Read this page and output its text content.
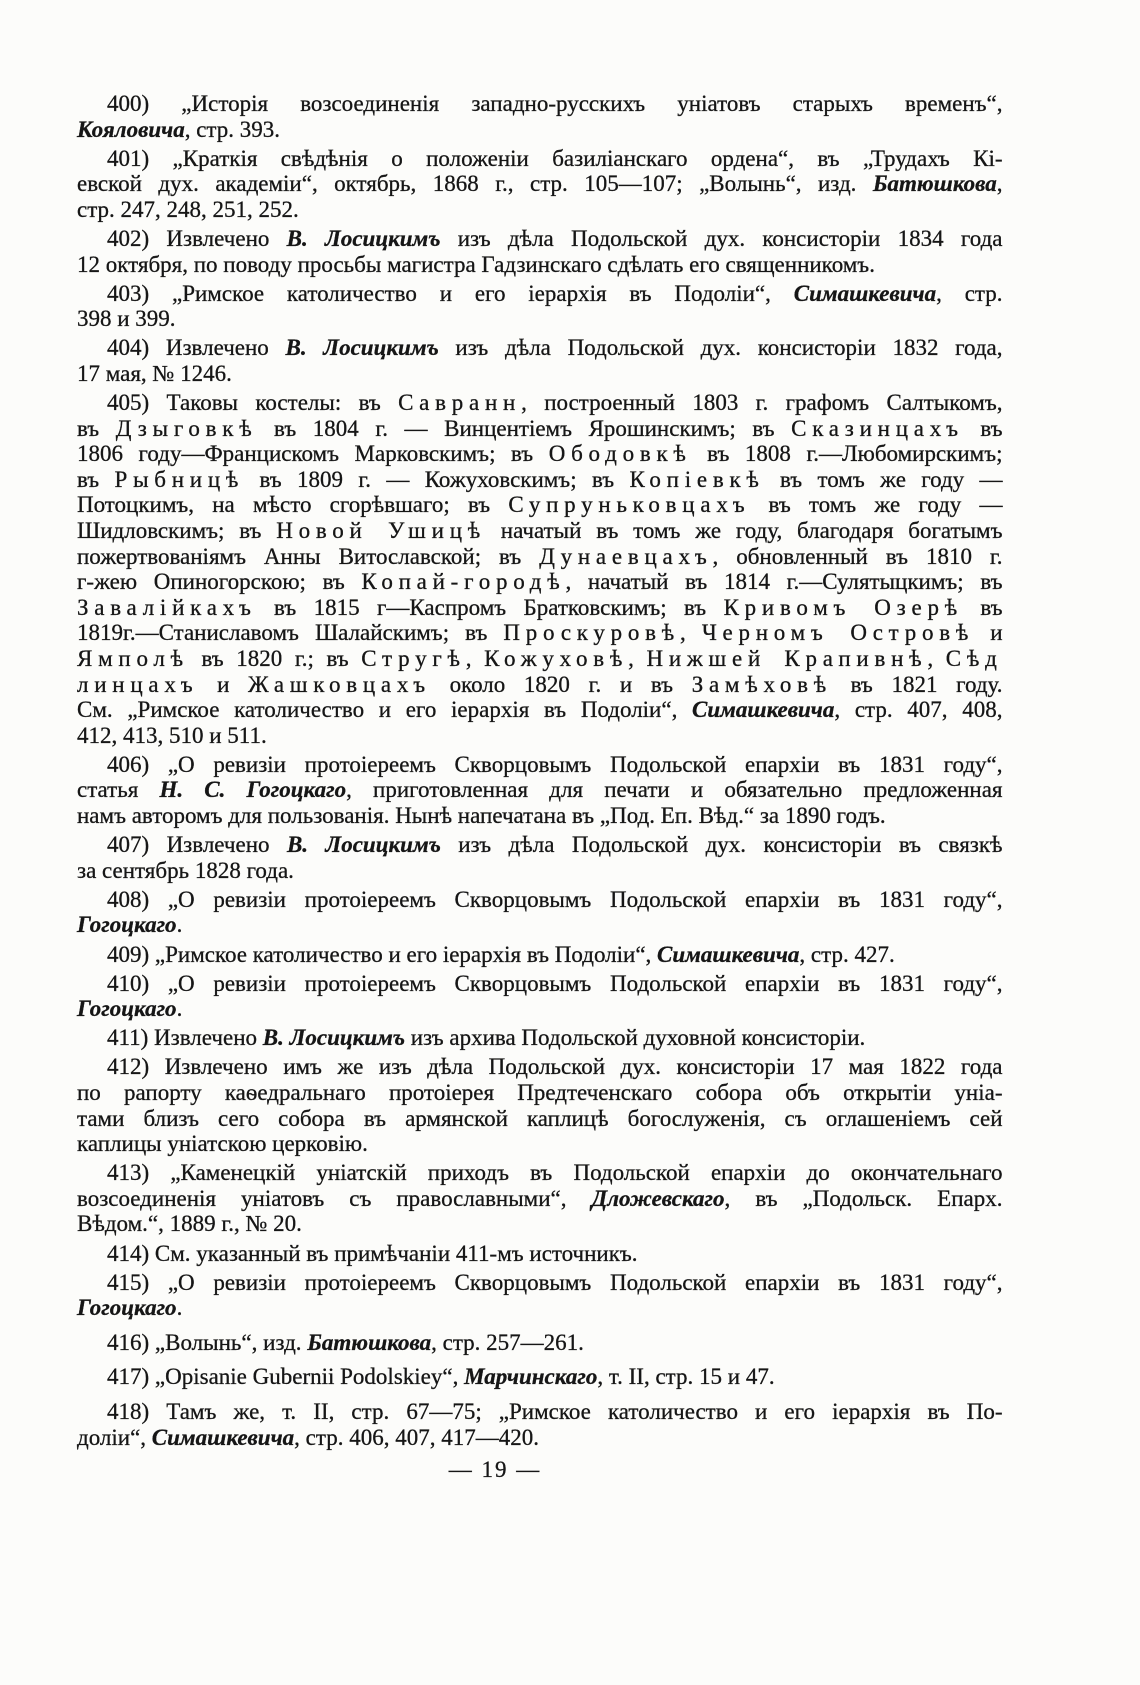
400) „Исторія возсоединенія западно-русскихъ уніатовъ старыхъ временъ“,
Кояловича, стр. 393.
401) „Краткія свѣдѣнія о положеніи базиліанскаго ордена“, въ „Трудахъ Кі-
евской дух. академіи“, октябрь, 1868 г., стр. 105—107; „Волынь“, изд. Батюшкова,
стр. 247, 248, 251, 252.
402) Извлечено В. Лосицкимъ изъ дѣла Подольской дух. консисторіи 1834 года
12 октября, по поводу просьбы магистра Гадзинскаго сдѣлать его священникомъ.
403) „Римское католичество и его іерархія въ Подоліи“, Симашкевича, стр.
398 и 399.
404) Извлечено В. Лосицкимъ изъ дѣла Подольской дух. консисторіи 1832 года,
17 мая, № 1246.
405) Таковы костелы: въ Савранн, построенный 1803 г. графомъ Салтыкомъ,
въ Дзыговкѣ въ 1804 г. — Винцентіемъ Ярошинскимъ; въ Сказинцахъ въ
1806 году—Францискомъ Марковскимъ; въ Ободовкѣ въ 1808 г.—Любомирскимъ;
въ Рыбницѣ въ 1809 г. — Кожуховскимъ; въ Копіевкѣ въ томъ же году —
Потоцкимъ, на мѣсто сгорѣвшаго; въ Супруньковцахъ въ томъ же году —
Шидловскимъ; въ Новой Ушицѣ начатый въ томъ же году, благодаря богатымъ
пожертвованіямъ Анны Витославской; въ Дунаевцахъ, обновленный въ 1810 г.
г-жею Опиногорскою; въ Копай-городѣ, начатый въ 1814 г.—Сулятыцкимъ; въ
Завалійкахъ въ 1815 г—Каспромъ Братковскимъ; въ Кривомъ Озерѣ въ
1819г.—Станиславомъ Шалайскимъ; въ Проскуровѣ, Черномъ Островѣ и
Ямполѣ въ 1820 г.; въ Стругѣ, Кожуховѣ, Нижшей Крапивнѣ, Сѣд
линцахъ и Жашковцахъ около 1820 г. и въ Замѣховѣ въ 1821 году.
См. „Римское католичество и его іерархія въ Подоліи“, Симашкевича, стр. 407, 408,
412, 413, 510 и 511.
406) „О ревизіи протоіереемъ Скворцовымъ Подольской епархіи въ 1831 году“,
статья Н. С. Гогоцкаго, приготовленная для печати и обязательно предложенная
намъ авторомъ для пользованія. Нынѣ напечатана въ „Под. Еп. Вѣд.“ за 1890 годъ.
407) Извлечено В. Лосицкимъ изъ дѣла Подольской дух. консисторіи въ связкѣ
за сентябрь 1828 года.
408) „О ревизіи протоіереемъ Скворцовымъ Подольской епархіи въ 1831 году“,
Гогоцкаго.
409) „Римское католичество и его іерархія въ Подоліи“, Симашкевича, стр. 427.
410) „О ревизіи протоіереемъ Скворцовымъ Подольской епархіи въ 1831 году“,
Гогоцкаго.
411) Извлечено В. Лосицкимъ изъ архива Подольской духовной консисторіи.
412) Извлечено имъ же изъ дѣла Подольской дух. консисторіи 17 мая 1822 года
по рапорту каѳедральнаго протоіерея Предтеченскаго собора объ открытіи уніа-
тами близъ сего собора въ армянской каплицѣ богослуженія, съ оглашеніемъ сей
каплицы уніатскою церковію.
413) „Каменецкій уніатскій приходъ въ Подольской епархіи до окончательнаго
возсоединенія уніатовъ съ православными“, Дложевскаго, въ „Подольск. Епарх.
Вѣдом.“, 1889 г., № 20.
414) См. указанный въ примѣчаніи 411-мъ источникъ.
415) „О ревизіи протоіереемъ Скворцовымъ Подольской епархіи въ 1831 году“,
Гогоцкаго.
416) „Волынь“, изд. Батюшкова, стр. 257—261.
417) „Opisanie Gubernii Podolskiey“, Марчинскаго, т. II, стр. 15 и 47.
418) Тамъ же, т. II, стр. 67—75; „Римское католичество и его іерархія въ По-
доліи“, Симашкевича, стр. 406, 407, 417—420.
— 19 —
